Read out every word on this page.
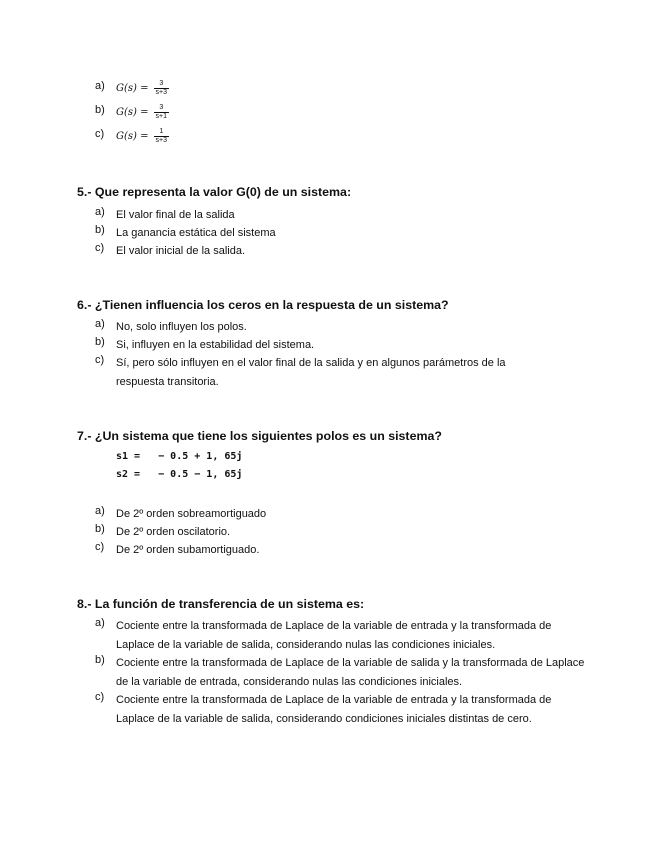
a) $G(s) = \frac{3}{s+3}$
b) $G(s) = \frac{3}{s+1}$
c) $G(s) = \frac{1}{s+3}$
5.- Que representa la valor G(0) de un sistema:
a) El valor final de la salida
b) La ganancia estática del sistema
c) El valor inicial de la salida.
6.- ¿Tienen influencia los ceros en la respuesta de un sistema?
a) No, solo influyen los polos.
b) Si, influyen en la estabilidad del sistema.
c) Sí, pero sólo influyen en el valor final de la salida y en algunos parámetros de la respuesta transitoria.
7.- ¿Un sistema que tiene los siguientes polos es un sistema?
s1 =   − 0.5 + 1, 65j
s2 =   − 0.5 − 1, 65j
a) De 2º orden sobreamortiguado
b) De 2º orden oscilatorio.
c) De 2º orden subamortiguado.
8.- La función de transferencia de un sistema es:
a) Cociente entre la transformada de Laplace de la variable de entrada y la transformada de Laplace de la variable de salida, considerando nulas las condiciones iniciales.
b) Cociente entre la transformada de Laplace de la variable de salida y la transformada de Laplace de la variable de entrada, considerando nulas las condiciones iniciales.
c) Cociente entre la transformada de Laplace de la variable de entrada y la transformada de Laplace de la variable de salida, considerando condiciones iniciales distintas de cero.
